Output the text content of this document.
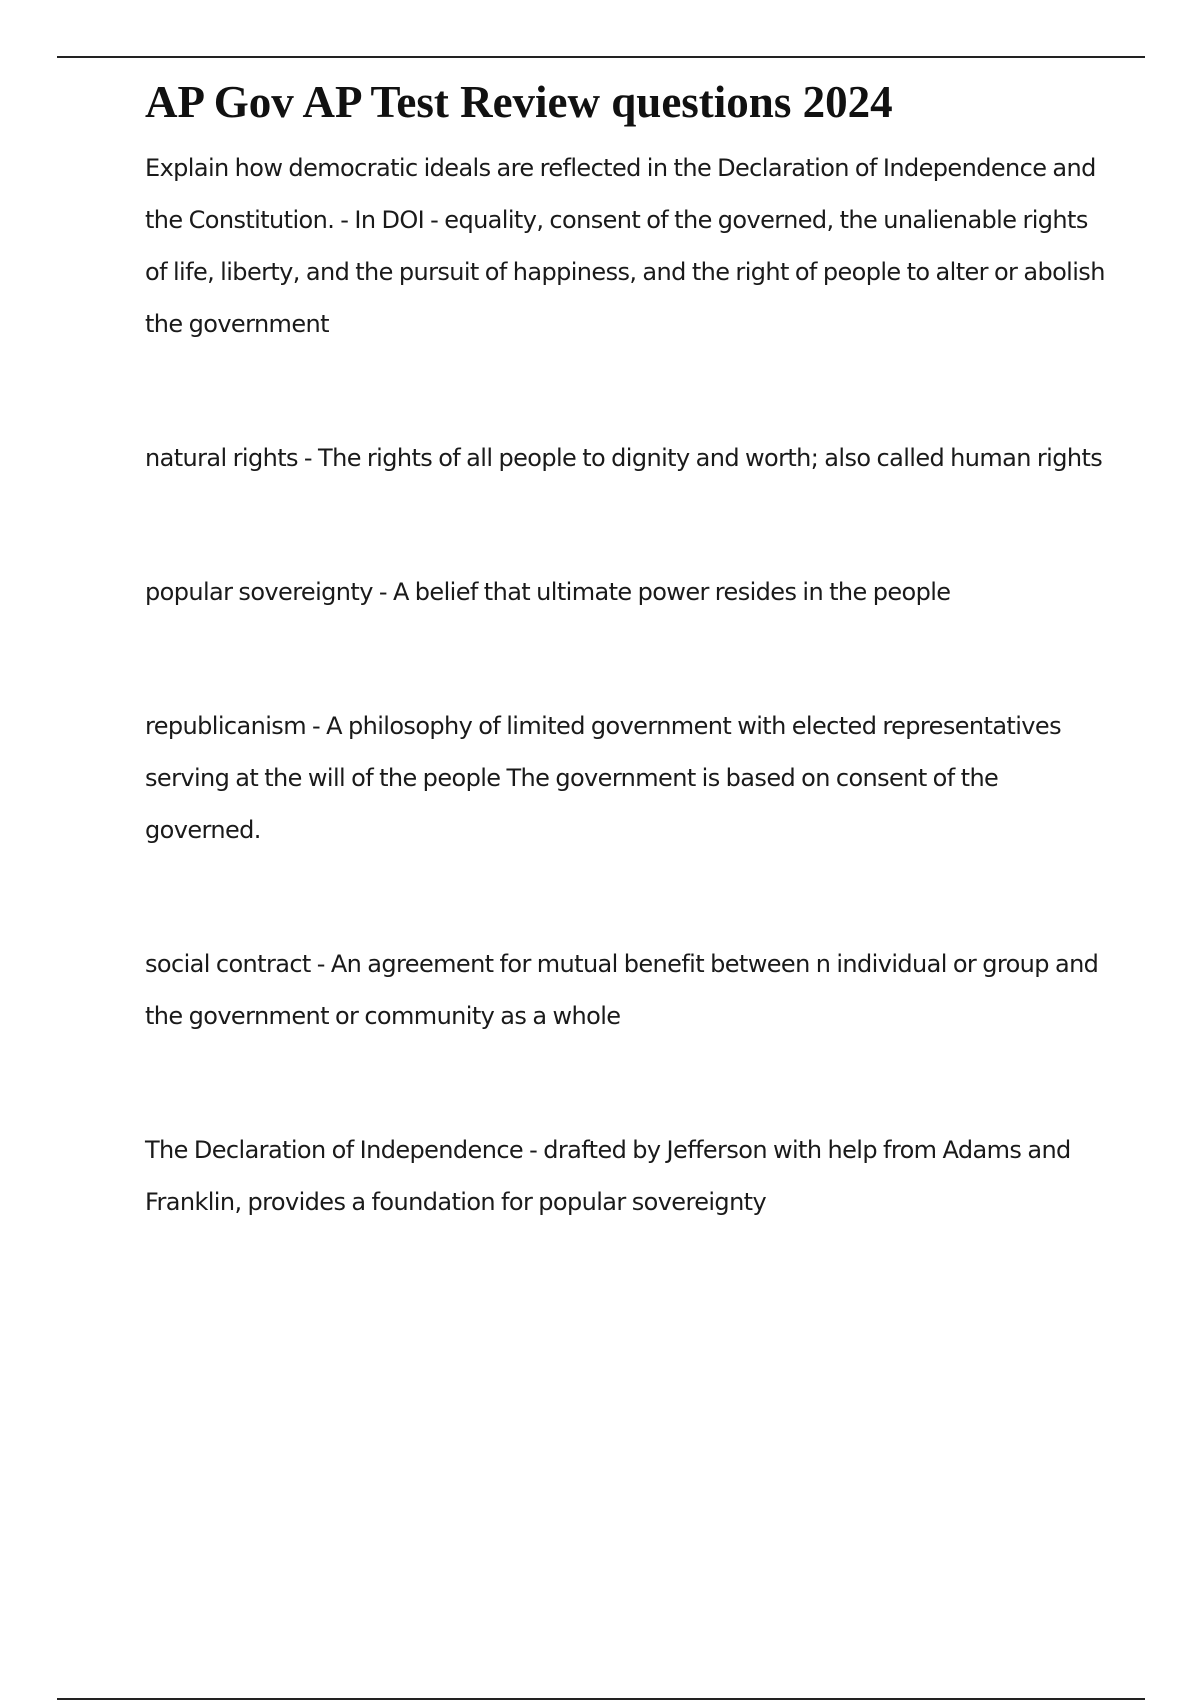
AP Gov AP Test Review questions 2024

Explain how democratic ideals are reflected in the Declaration of Independence and the Constitution. - In DOI - equality, consent of the governed, the unalienable rights of life, liberty, and the pursuit of happiness, and the right of people to alter or abolish the government

natural rights - The rights of all people to dignity and worth; also called human rights

popular sovereignty - A belief that ultimate power resides in the people

republicanism - A philosophy of limited government with elected representatives serving at the will of the people The government is based on consent of the governed.

social contract - An agreement for mutual benefit between n individual or group and the government or community as a whole

The Declaration of Independence - drafted by Jefferson with help from Adams and Franklin, provides a foundation for popular sovereignty
